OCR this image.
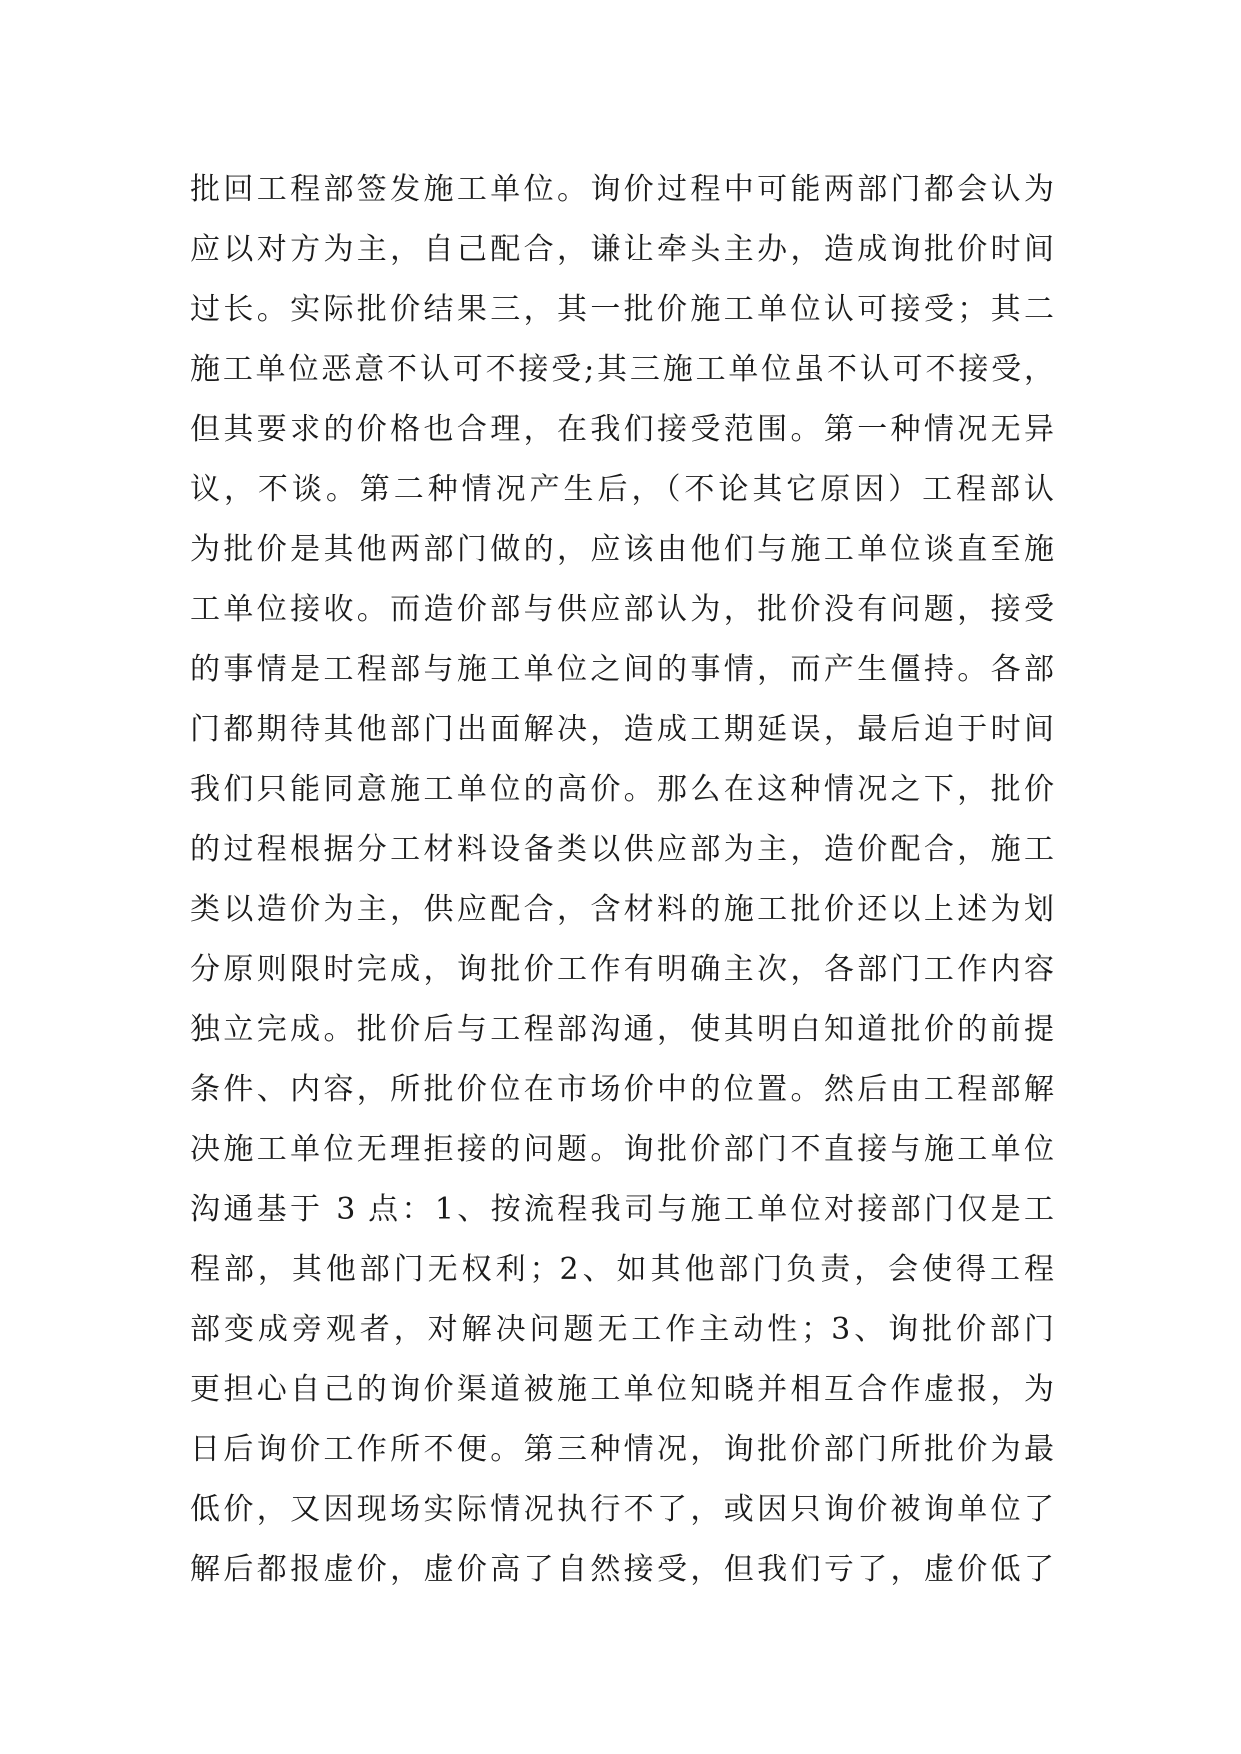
批回工程部签发施工单位。询价过程中可能两部门都会认为
应以对方为主，自己配合，谦让牵头主办，造成询批价时间
过长。实际批价结果三，其一批价施工单位认可接受；其二
施工单位恶意不认可不接受;其三施工单位虽不认可不接受，
但其要求的价格也合理，在我们接受范围。第一种情况无异
议，不谈。第二种情况产生后，（不论其它原因）工程部认
为批价是其他两部门做的，应该由他们与施工单位谈直至施
工单位接收。而造价部与供应部认为，批价没有问题，接受
的事情是工程部与施工单位之间的事情，而产生僵持。各部
门都期待其他部门出面解决，造成工期延误，最后迫于时间
我们只能同意施工单位的高价。那么在这种情况之下，批价
的过程根据分工材料设备类以供应部为主，造价配合，施工
类以造价为主，供应配合，含材料的施工批价还以上述为划
分原则限时完成，询批价工作有明确主次，各部门工作内容
独立完成。批价后与工程部沟通，使其明白知道批价的前提
条件、内容，所批价位在市场价中的位置。然后由工程部解
决施工单位无理拒接的问题。询批价部门不直接与施工单位
沟通基于 3 点：1、按流程我司与施工单位对接部门仅是工
程部，其他部门无权利；2、如其他部门负责，会使得工程
部变成旁观者，对解决问题无工作主动性；3、询批价部门
更担心自己的询价渠道被施工单位知晓并相互合作虚报，为
日后询价工作所不便。第三种情况，询批价部门所批价为最
低价，又因现场实际情况执行不了，或因只询价被询单位了
解后都报虚价，虚价高了自然接受，但我们亏了，虚价低了
